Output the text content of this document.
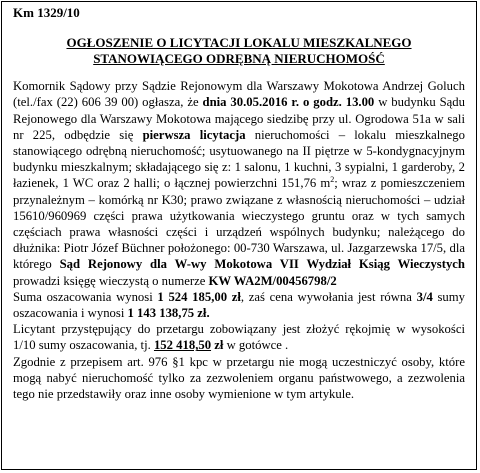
Km 1329/10
OGŁOSZENIE O LICYTACJI LOKALU MIESZKALNEGO
STANOWIĄCEGO ODRĘBNĄ NIERUCHOMOŚĆ

Komornik Sądowy przy Sądzie Rejonowym dla Warszawy Mokotowa Andrzej Goluch (tel./fax (22) 606 39 00) ogłasza, że dnia 30.05.2016 r. o godz. 13.00 w budynku Sądu Rejonowego dla Warszawy Mokotowa mającego siedzibę przy ul. Ogrodowa 51a w sali nr 225, odbędzie się pierwsza licytacja nieruchomości – lokalu mieszkalnego stanowiącego odrębną nieruchomość; usytuowanego na II piętrze w 5-kondygnacyjnym budynku mieszkalnym; składającego się z: 1 salonu, 1 kuchni, 3 sypialni, 1 garderoby, 2 łazienek, 1 WC oraz 2 halli; o łącznej powierzchni 151,76 $m^2$; wraz z pomieszczeniem przynależnym – komórką nr K30; prawo związane z własnością nieruchomości – udział 15610/960969 części prawa użytkowania wieczystego gruntu oraz w tych samych częściach prawa własności części i urządzeń wspólnych budynku; należącego do dłużnika: Piotr Józef Büchner położonego: 00-730 Warszawa, ul. Jazgarzewska 17/5, dla którego Sąd Rejonowy dla W-wy Mokotowa VII Wydział Ksiąg Wieczystych prowadzi księgę wieczystą o numerze KW WA2M/00456798/2

Suma oszacowania wynosi 1 524 185,00 zł, zaś cena wywołania jest równa 3/4 sumy oszacowania i wynosi 1 143 138,75 zł.

Licytant przystępujący do przetargu zobowiązany jest złożyć rękojmię w wysokości 1/10 sumy oszacowania, tj. 152 418,50 zł w gotówce .

Zgodnie z przepisem art. 976 §1 kpc w przetargu nie mogą uczestniczyć osoby, które mogą nabyć nieruchomość tylko za zezwoleniem organu państwowego, a zezwolenia tego nie przedstawiły oraz inne osoby wymienione w tym artykule.
